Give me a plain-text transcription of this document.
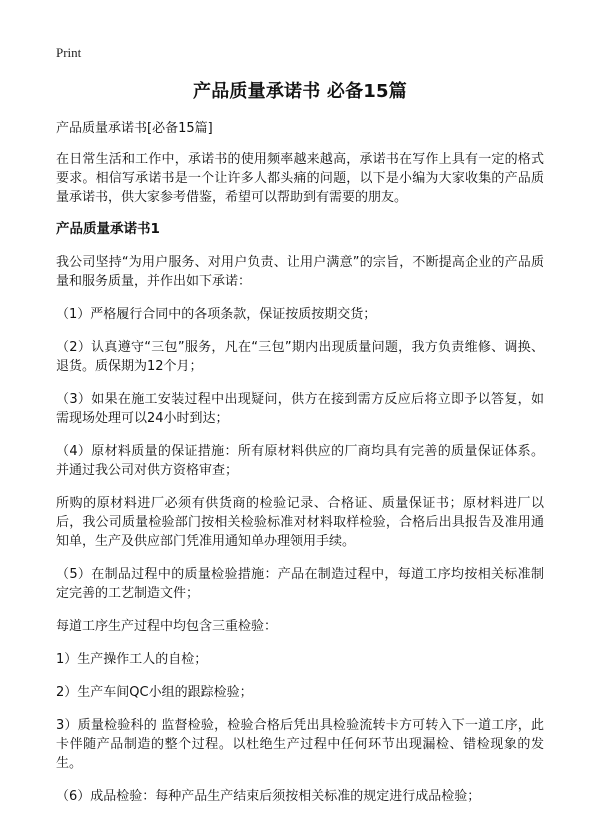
Print
产品质量承诺书 必备15篇

产品质量承诺书[必备15篇]

在日常生活和工作中，承诺书的使用频率越来越高，承诺书在写作上具有一定的格式要求。相信写承诺书是一个让许多人都头痛的问题，以下是小编为大家收集的产品质量承诺书，供大家参考借鉴，希望可以帮助到有需要的朋友。

产品质量承诺书1

我公司坚持“为用户服务、对用户负责、让用户满意”的宗旨，不断提高企业的产品质量和服务质量，并作出如下承诺：

（1）严格履行合同中的各项条款，保证按质按期交货；

（2）认真遵守“三包”服务，凡在“三包”期内出现质量问题，我方负责维修、调换、退货。质保期为12个月；

（3）如果在施工安装过程中出现疑问，供方在接到需方反应后将立即予以答复，如需现场处理可以24小时到达；

（4）原材料质量的保证措施：所有原材料供应的厂商均具有完善的质量保证体系。并通过我公司对供方资格审查；

所购的原材料进厂必须有供货商的检验记录、合格证、质量保证书；原材料进厂以后，我公司质量检验部门按相关检验标准对材料取样检验，合格后出具报告及准用通知单，生产及供应部门凭准用通知单办理领用手续。

（5）在制品过程中的质量检验措施：产品在制造过程中，每道工序均按相关标准制定完善的工艺制造文件；

每道工序生产过程中均包含三重检验：

1）生产操作工人的自检；

2）生产车间QC小组的跟踪检验；

3）质量检验科的 监督检验，检验合格后凭出具检验流转卡方可转入下一道工序，此卡伴随产品制造的整个过程。以杜绝生产过程中任何环节出现漏检、错检现象的发生。

（6）成品检验：每种产品生产结束后须按相关标准的规定进行成品检验；
